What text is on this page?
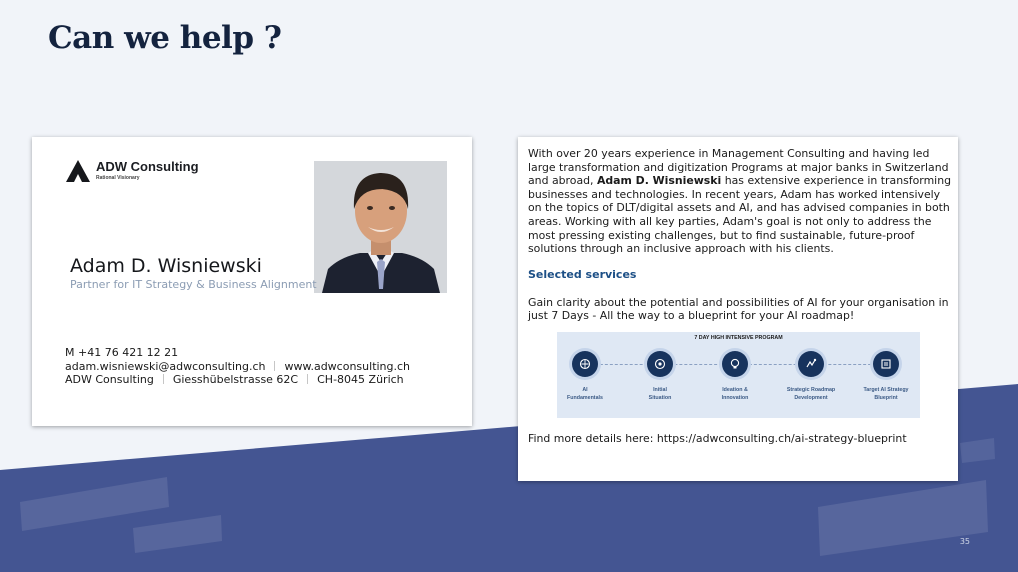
Can we help ?
ADW Consulting
Rational Visionary
Adam D. Wisniewski
Partner for IT Strategy & Business Alignment
M +41 76 421 12 21
adam.wisniewski@adwconsulting.ch www.adwconsulting.ch
ADW Consulting Giesshübelstrasse 62C CH-8045 Zürich

With over 20 years experience in Management Consulting and having led large transformation and digitization Programs at major banks in Switzerland and abroad, Adam D. Wisniewski has extensive experience in transforming businesses and technologies. In recent years, Adam has worked intensively on the topics of DLT/digital assets and AI, and has advised companies in both areas. Working with all key parties, Adam's goal is not only to address the most pressing existing challenges, but to find sustainable, future-proof solutions through an inclusive approach with his clients.

Selected services

Gain clarity about the potential and possibilities of AI for your organisation in just 7 Days - All the way to a blueprint for your AI roadmap!

7 DAY HIGH INTENSIVE PROGRAM
AI
Fundamentals
Initial
Situation
Ideation &
Innovation
Strategic Roadmap
Development
Target AI Strategy
Blueprint

Find more details here: https://adwconsulting.ch/ai-strategy-blueprint

35
